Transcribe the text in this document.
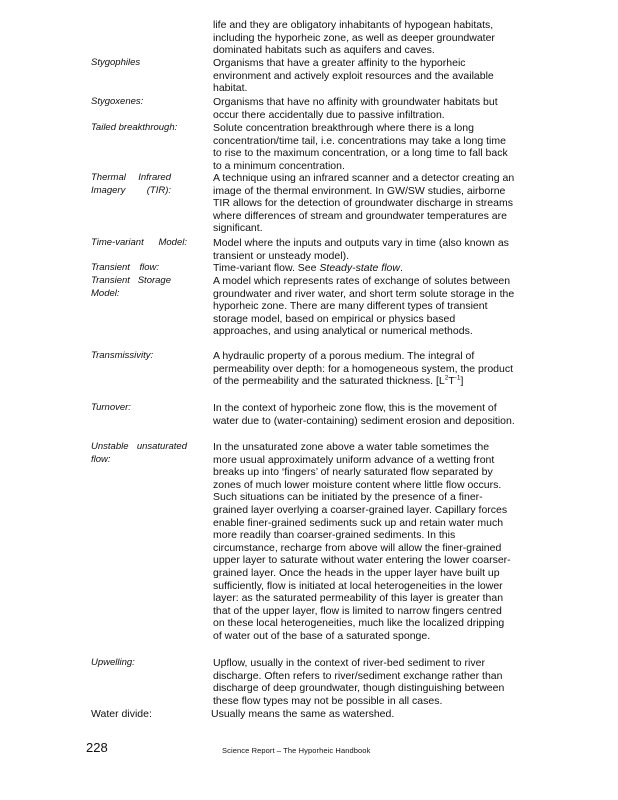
life and they are obligatory inhabitants of hypogean habitats, including the hyporheic zone, as well as deeper groundwater dominated habitats such as aquifers and caves.
Stygophiles	Organisms that have a greater affinity to the hyporheic environment and actively exploit resources and the available habitat.
Stygoxenes:	Organisms that have no affinity with groundwater habitats but occur there accidentally due to passive infiltration.
Tailed breakthrough:	Solute concentration breakthrough where there is a long concentration/time tail, i.e. concentrations may take a long time to rise to the maximum concentration, or a long time to fall back to a minimum concentration.
Thermal Infrared Imagery (TIR):
A technique using an infrared scanner and a detector creating an image of the thermal environment. In GW/SW studies, airborne TIR allows for the detection of groundwater discharge in streams where differences of stream and groundwater temperatures are significant.
Time-variant Model: Model where the inputs and outputs vary in time (also known as transient or unsteady model).
Transient flow:	Time-variant flow. See Steady-state flow.
Transient Storage Model:
A model which represents rates of exchange of solutes between groundwater and river water, and short term solute storage in the hyporheic zone. There are many different types of transient storage model, based on empirical or physics based approaches, and using analytical or numerical methods.
Transmissivity:	A hydraulic property of a porous medium. The integral of permeability over depth: for a homogeneous system, the product of the permeability and the saturated thickness. $[L^2T^{-1}]$
Turnover:	In the context of hyporheic zone flow, this is the movement of water due to (water-containing) sediment erosion and deposition.
Unstable unsaturated flow:
In the unsaturated zone above a water table sometimes the more usual approximately uniform advance of a wetting front breaks up into ‘fingers’ of nearly saturated flow separated by zones of much lower moisture content where little flow occurs. Such situations can be initiated by the presence of a finer-grained layer overlying a coarser-grained layer. Capillary forces enable finer-grained sediments suck up and retain water much more readily than coarser-grained sediments. In this circumstance, recharge from above will allow the finer-grained upper layer to saturate without water entering the lower coarser-grained layer. Once the heads in the upper layer have built up sufficiently, flow is initiated at local heterogeneities in the lower layer: as the saturated permeability of this layer is greater than that of the upper layer, flow is limited to narrow fingers centred on these local heterogeneities, much like the localized dripping of water out of the base of a saturated sponge.
Upwelling:	Upflow, usually in the context of river-bed sediment to river discharge. Often refers to river/sediment exchange rather than discharge of deep groundwater, though distinguishing between these flow types may not be possible in all cases.
Water divide:	Usually means the same as watershed.
228	Science Report – The Hyporheic Handbook
